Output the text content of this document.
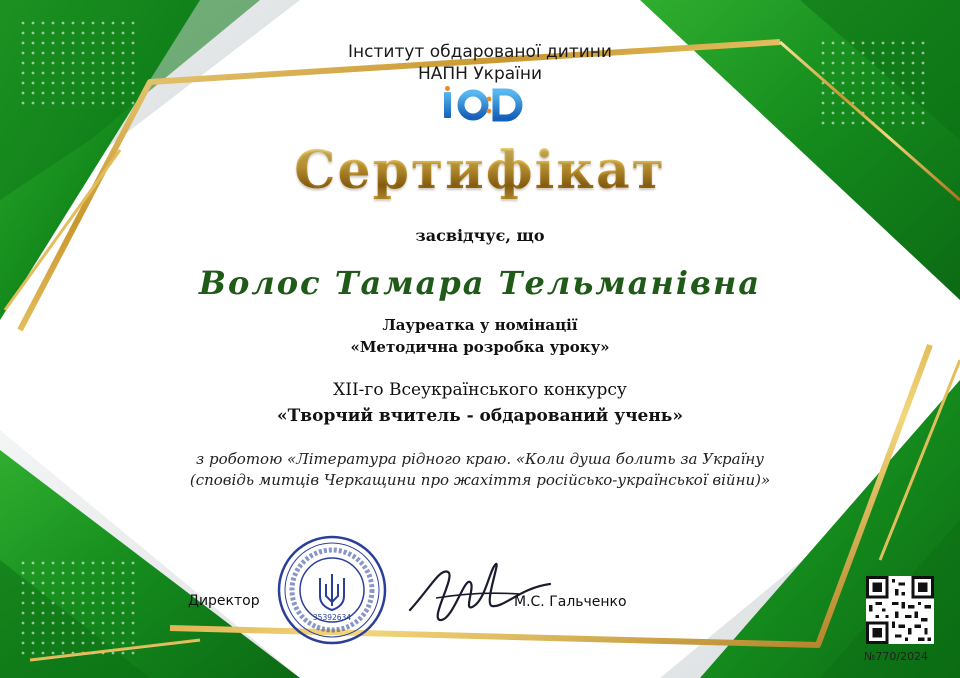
Інститут обдарованої дитини
НАПН України
Сертифікат
засвідчує, що
Волос Тамара Тельманівна
Лауреатка у номінації
«Методична розробка уроку»
XII-го Всеукраїнського конкурсу
«Творчий вчитель - обдарований учень»
з роботою «Література рідного краю. «Коли душа болить за Україну
(сповідь митців Черкащини про жахіття російсько-української війни)»
35392634
Директор	М.С. Гальченко
№770/2024
